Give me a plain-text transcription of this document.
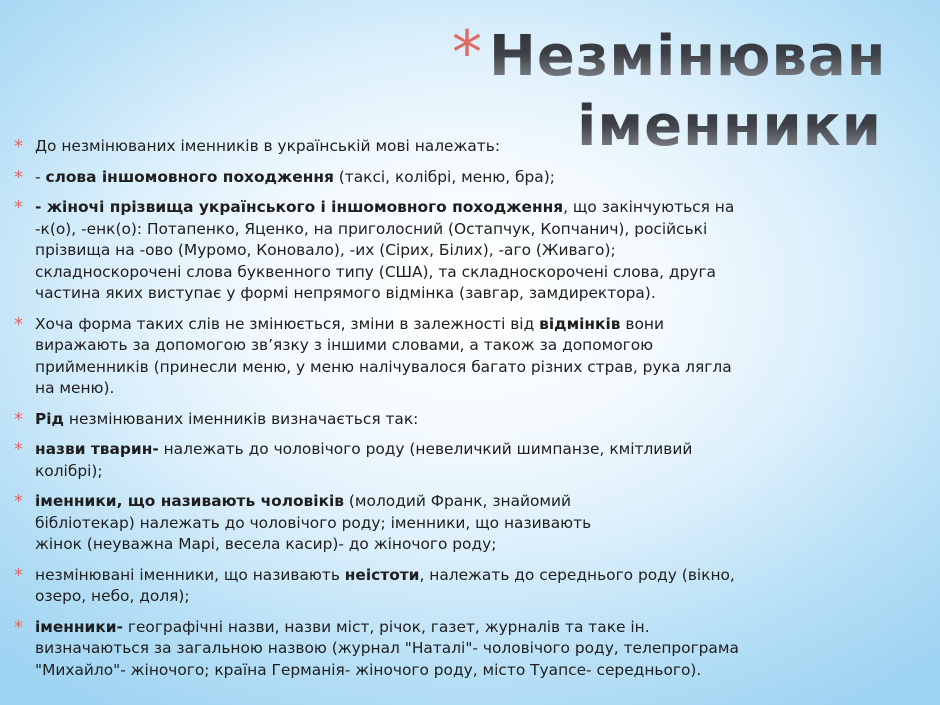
* Незмінювані
іменники
* До незмінюваних іменників в українській мові належать:
* - слова іншомовного походження (таксі, колібрі, меню, бра);
* - жіночі прізвища українського і іншомовного походження, що закінчуються на -к(о), -енк(о): Потапенко, Яценко, на приголосний (Остапчук, Копчанич), російські прізвища на -ово (Муромо, Коновало), -их (Сірих, Білих), -аго (Живаго); складноскорочені слова буквенного типу (США), та складноскорочені слова, друга частина яких виступає у формі непрямого відмінка (завгар, замдиректора).
* Хоча форма таких слів не змінюється, зміни в залежності від відмінків вони виражають за допомогою зв’язку з іншими словами, а також за допомогою прийменників (принесли меню, у меню налічувалося багато різних страв, рука лягла на меню).
* Рід незмінюваних іменників визначається так:
* назви тварин- належать до чоловічого роду (невеличкий шимпанзе, кмітливий колібрі);
* іменники, що називають чоловіків (молодий Франк, знайомий біблiотекар) належать до чоловічого роду; іменники, що називають жінок (неуважна Марі, весела касир)- до жіночого роду;
* незмінювані іменники, що називають неістоти, належать до середнього роду (вікно, озеро, небо, доля);
* іменники- географічні назви, назви міст, річок, газет, журналів та таке ін. визначаються за загальною назвою (журнал "Наталі"- чоловічого роду, телепрограма "Михайло"- жіночого; країна Германія- жіночого роду, місто Туапсе- середнього).
